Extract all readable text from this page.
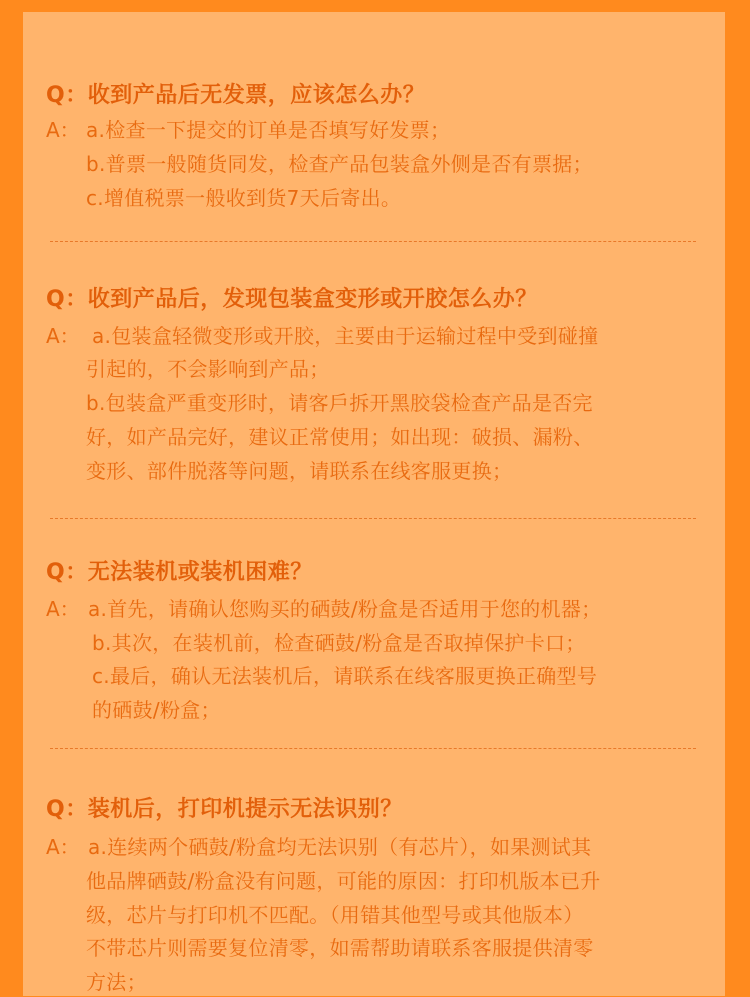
Q：收到产品后无发票，应该怎么办？
A： a.检查一下提交的订单是否填写好发票；
b.普票一般随货同发，检查产品包装盒外侧是否有票据；
c.增值税票一般收到货7天后寄出。
Q：收到产品后，发现包装盒变形或开胶怎么办？
A： a.包装盒轻微变形或开胶，主要由于运输过程中受到碰撞
引起的，不会影响到产品；
b.包装盒严重变形时，请客戶拆开黑胶袋检查产品是否完
好，如产品完好，建议正常使用；如出现：破损、漏粉、
变形、部件脱落等问题，请联系在线客服更换；
Q：无法装机或装机困难？
A： a.首先，请确认您购买的硒鼓/粉盒是否适用于您的机器；
b.其次，在装机前，检查硒鼓/粉盒是否取掉保护卡口；
c.最后，确认无法装机后，请联系在线客服更换正确型号
的硒鼓/粉盒；
Q：装机后，打印机提示无法识别？
A： a.连续两个硒鼓/粉盒均无法识别（有芯片），如果测试其
他品牌硒鼓/粉盒没有问题，可能的原因：打印机版本已升
级，芯片与打印机不匹配。（用错其他型号或其他版本）
不带芯片则需要复位清零，如需帮助请联系客服提供清零
方法；
